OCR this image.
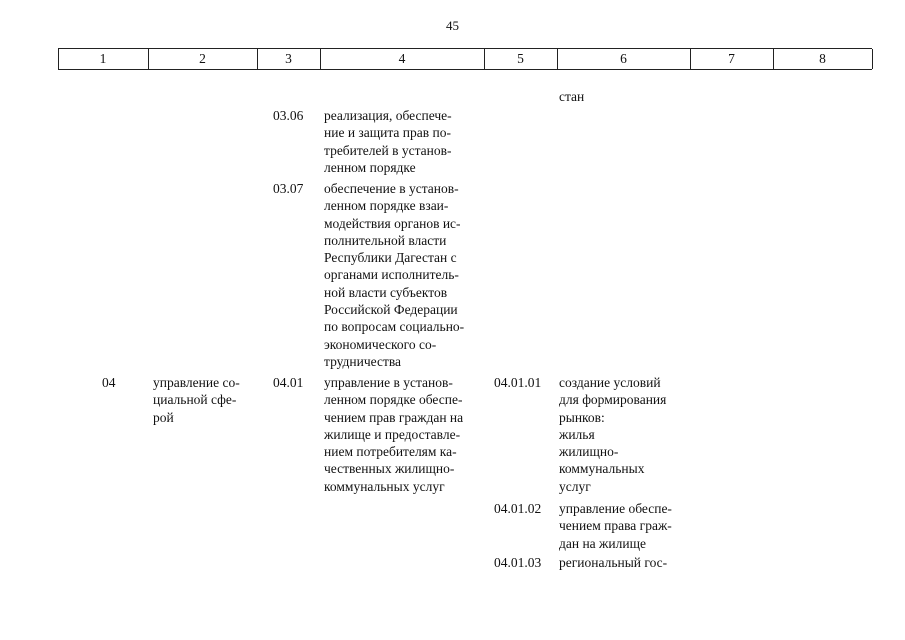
45
1	2	3	4	5	6	7	8
стан
03.06 реализация, обеспече-
ние и защита прав по-
требителей в установ-
ленном порядке
03.07 обеспечение в установ-
ленном порядке взаи-
модействия органов ис-
полнительной власти
Республики Дагестан с
органами исполнитель-
ной власти субъектов
Российской Федерации
по вопросам социально-
экономического со-
трудничества
04	управление со-
циальной сфе-
рой
04.01 управление в установ-
ленном порядке обеспе-
чением прав граждан на
жилище и предоставле-
нием потребителям ка-
чественных жилищно-
коммунальных услуг
04.01.01 создание условий
для формирования
рынков:
жилья
жилищно-
коммунальных
услуг
04.01.02 управление обеспе-
чением права граж-
дан на жилище
04.01.03 региональный гос-
